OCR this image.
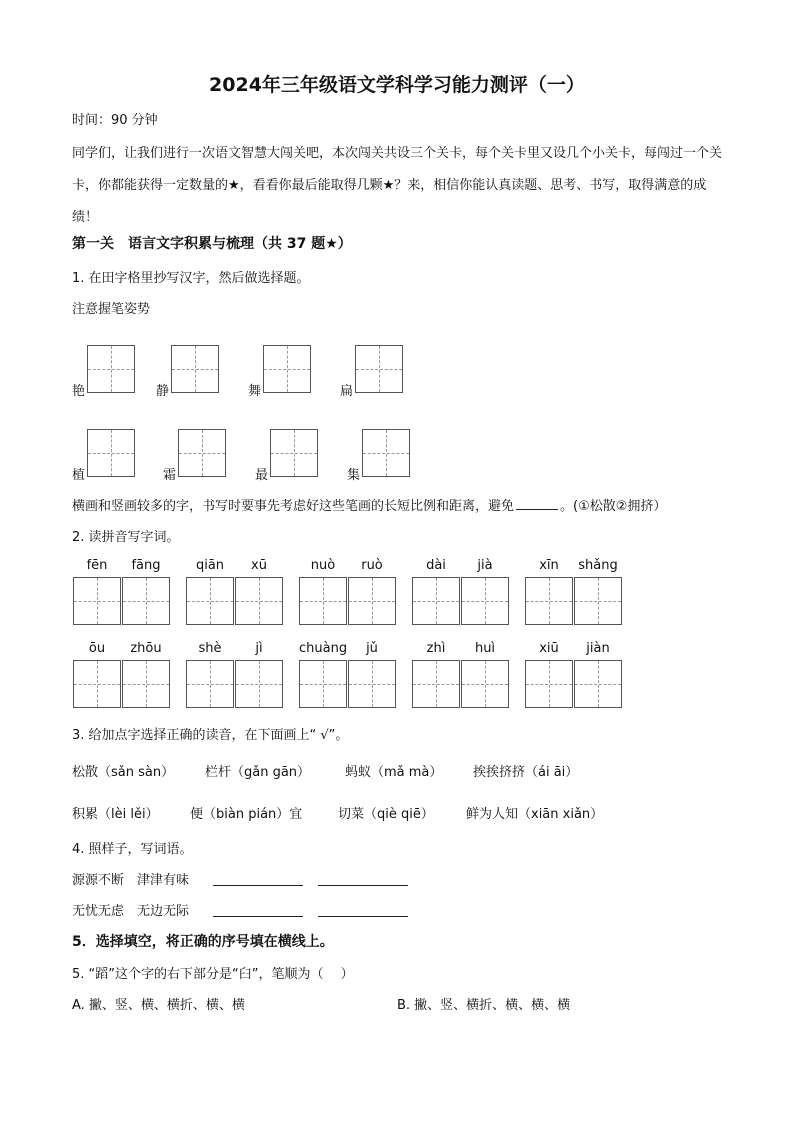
2024年三年级语文学科学习能力测评（一）
时间：90 分钟
同学们，让我们进行一次语文智慧大闯关吧，本次闯关共设三个关卡，每个关卡里又设几个小关卡，每闯过一个关卡，你都能获得一定数量的★，看看你最后能取得几颗★？来，相信你能认真读题、思考、书写，取得满意的成绩！
第一关　语言文字积累与梳理（共 37 题★）
1. 在田字格里抄写汉字，然后做选择题。
注意握笔姿势
艳	静	舞	扁
植	霜	最	集
横画和竖画较多的字，书写时要事先考虑好这些笔画的长短比例和距离，避免	。(①松散②拥挤）
2. 读拼音写字词。
fēn	fāng	qiān	xū	nuò	ruò	dài	jià	xīn	shǎng
ōu	zhōu	shè	jì	chuàng	jǔ	zhì	huì	xiū	jiàn
3. 给加点字选择正确的读音，在下面画上“ √”。
松散（sǎn sàn） 栏杆（gǎn gān）	蚂蚁（mǎ mà） 挨挨挤挤（ái āi）
积累（lèi lěi） 便（biàn pián）宜	切菜（qiè qiē） 鲜为人知（xiān xiǎn）
4. 照样子，写词语。
源源不断　津津有味
无忧无虑　无边无际
5．选择填空，将正确的序号填在横线上。
5. “蹈”这个字的右下部分是“臼”，笔顺为（　 ）
A. 撇、竖、横、横折、横、横	B. 撇、竖、横折、横、横、横
